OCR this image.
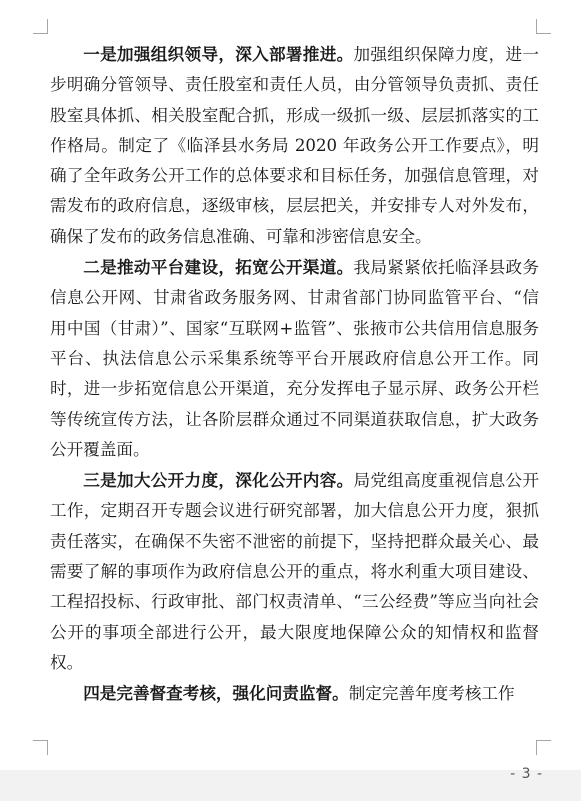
一是加强组织领导，深入部署推进。加强组织保障力度，进一步明确分管领导、责任股室和责任人员，由分管领导负责抓、责任股室具体抓、相关股室配合抓，形成一级抓一级、层层抓落实的工作格局。制定了《临泽县水务局 2020 年政务公开工作要点》，明确了全年政务公开工作的总体要求和目标任务，加强信息管理，对需发布的政府信息，逐级审核，层层把关，并安排专人对外发布，确保了发布的政务信息准确、可靠和涉密信息安全。

二是推动平台建设，拓宽公开渠道。我局紧紧依托临泽县政务信息公开网、甘肃省政务服务网、甘肃省部门协同监管平台、“信用中国（甘肃）”、国家“互联网+监管”、张掖市公共信用信息服务平台、执法信息公示采集系统等平台开展政府信息公开工作。同时，进一步拓宽信息公开渠道，充分发挥电子显示屏、政务公开栏等传统宣传方法，让各阶层群众通过不同渠道获取信息，扩大政务公开覆盖面。

三是加大公开力度，深化公开内容。局党组高度重视信息公开工作，定期召开专题会议进行研究部署，加大信息公开力度，狠抓责任落实，在确保不失密不泄密的前提下，坚持把群众最关心、最需要了解的事项作为政府信息公开的重点，将水利重大项目建设、工程招投标、行政审批、部门权责清单、“三公经费”等应当向社会公开的事项全部进行公开，最大限度地保障公众的知情权和监督权。

四是完善督查考核，强化问责监督。制定完善年度考核工作

- 3 -
